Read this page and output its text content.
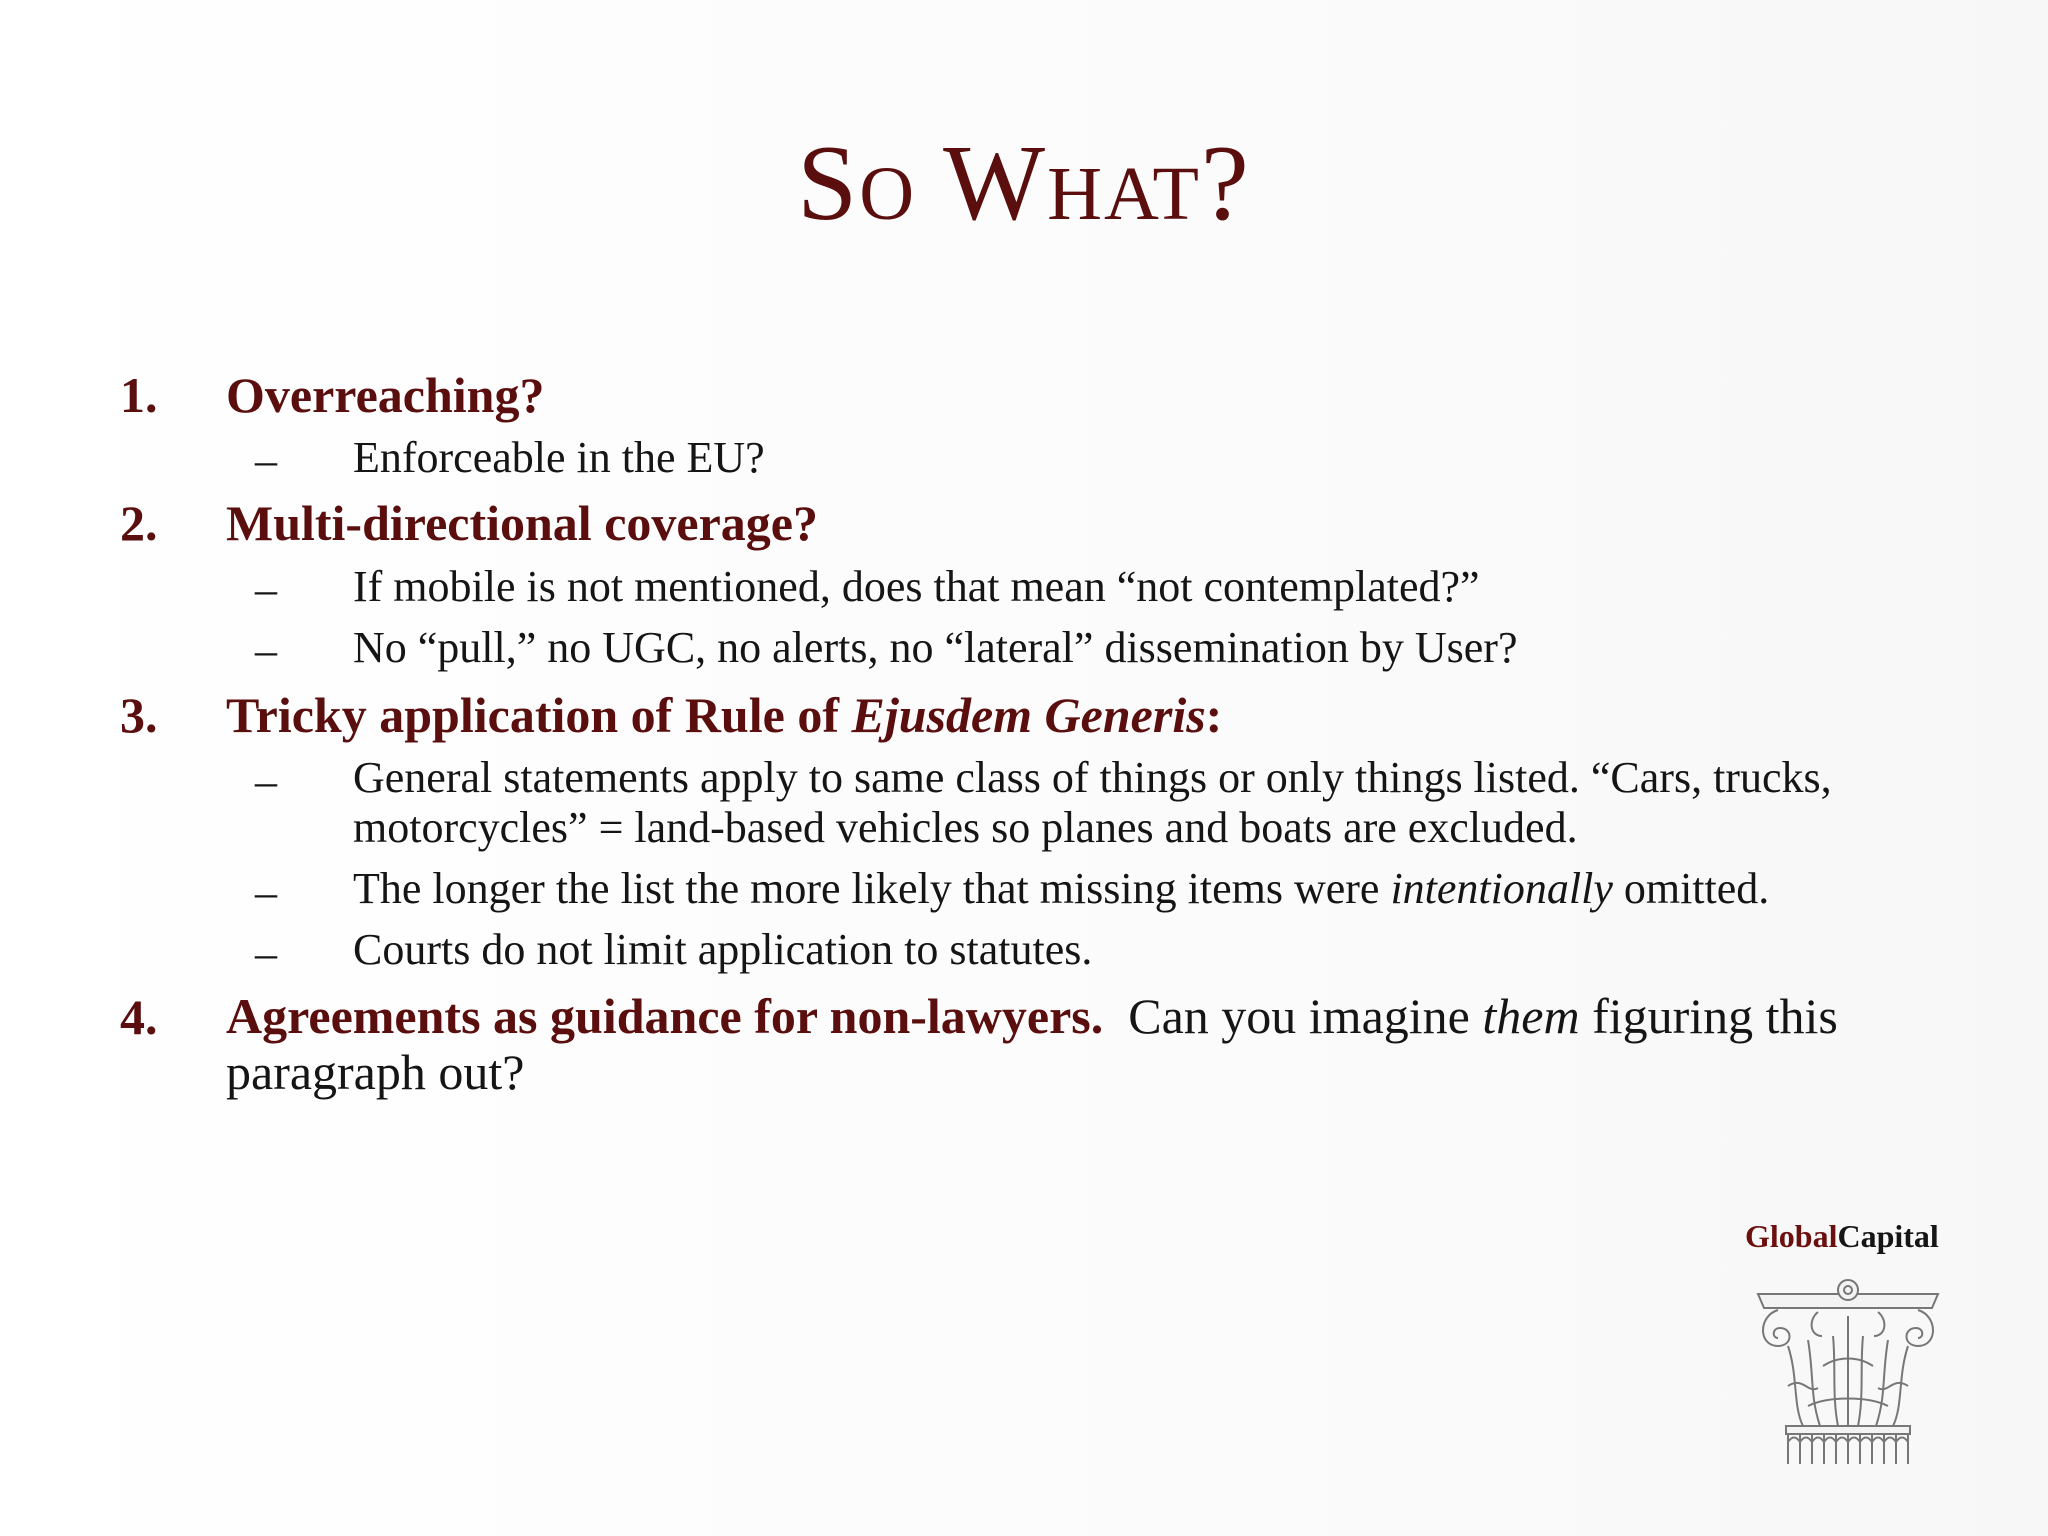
So What?
1.	Overreaching?
– Enforceable in the EU?
2.	Multi-directional coverage?
– If mobile is not mentioned, does that mean “not contemplated?”
– No “pull,” no UGC, no alerts, no “lateral” dissemination by User?
3.	Tricky application of Rule of Ejusdem Generis:
– General statements apply to same class of things or only things listed. “Cars, trucks, motorcycles” = land-based vehicles so planes and boats are excluded.
– The longer the list the more likely that missing items were intentionally omitted.
– Courts do not limit application to statutes.
4.	Agreements as guidance for non-lawyers.  Can you imagine them figuring this paragraph out?
GlobalCapital
